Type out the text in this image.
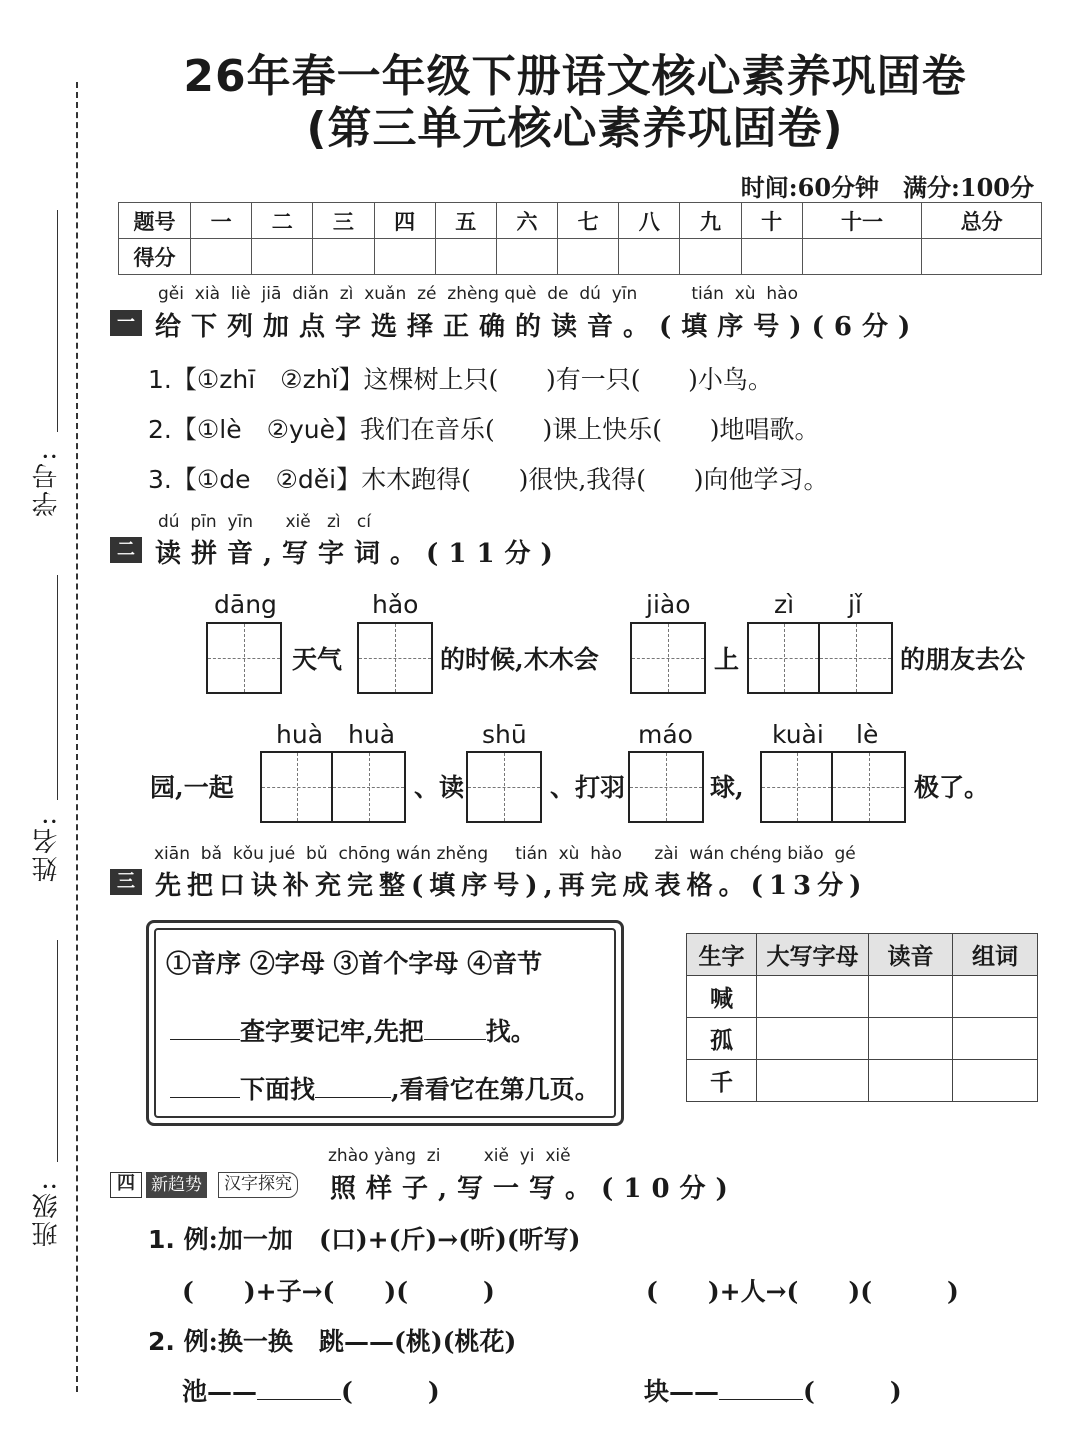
学号:
姓名:
班级:
26年春一年级下册语文核心素养巩固卷
(第三单元核心素养巩固卷)
时间:60分钟　满分:100分
题号	一	二	三	四	五	六	七	八	九	十	十一	总分
得分												
gěi xià liè jiā diǎn zì xuǎn zé zhèng què de dú yīn	tián xù hào
一 给下列加点字选择正确的读音。(填序号)(6分)
1.【①zhī　②zhǐ】这棵树上只( )有一只( )小鸟。
2.【①lè　②yuè】我们在音乐( )课上快乐( )地唱歌。
3.【①de　②děi】木木跑得( )很快,我得( )向他学习。
dú pīn yīn xiě zì cí
二 读拼音,写字词。(11分)
dāng
天气
hǎo
的时候,木木会
jiào
上
zì jǐ
的朋友去公
园,一起
huà huà
、读
shū
、打羽
máo
球,
kuài lè
极了。
xiān bǎ kǒu jué bǔ chōng wán zhěng tián xù hào zài wán chéng biǎo gé
三 先把口诀补充完整(填序号),再完成表格。(13分)
①音序 ②字母 ③首个字母 ④音节
查字要记牢,先把 找。
下面找	,看看它在第几页。
生字	大写字母	读音	组词
喊			
孤			
千			
zhào yàng zi	xiě yi xiě
四 新趋势	汉字探究 照样子,写一写。(10分)
1. 例:加一加 (口)+(斤)→(听)(听写)
(　　)+子→(　　)(　　　)	(　　)+人→(　　)(　　　)
2. 例:换一换 跳——(桃)(桃花)
池——	(　　　)	块——	(　　　)
